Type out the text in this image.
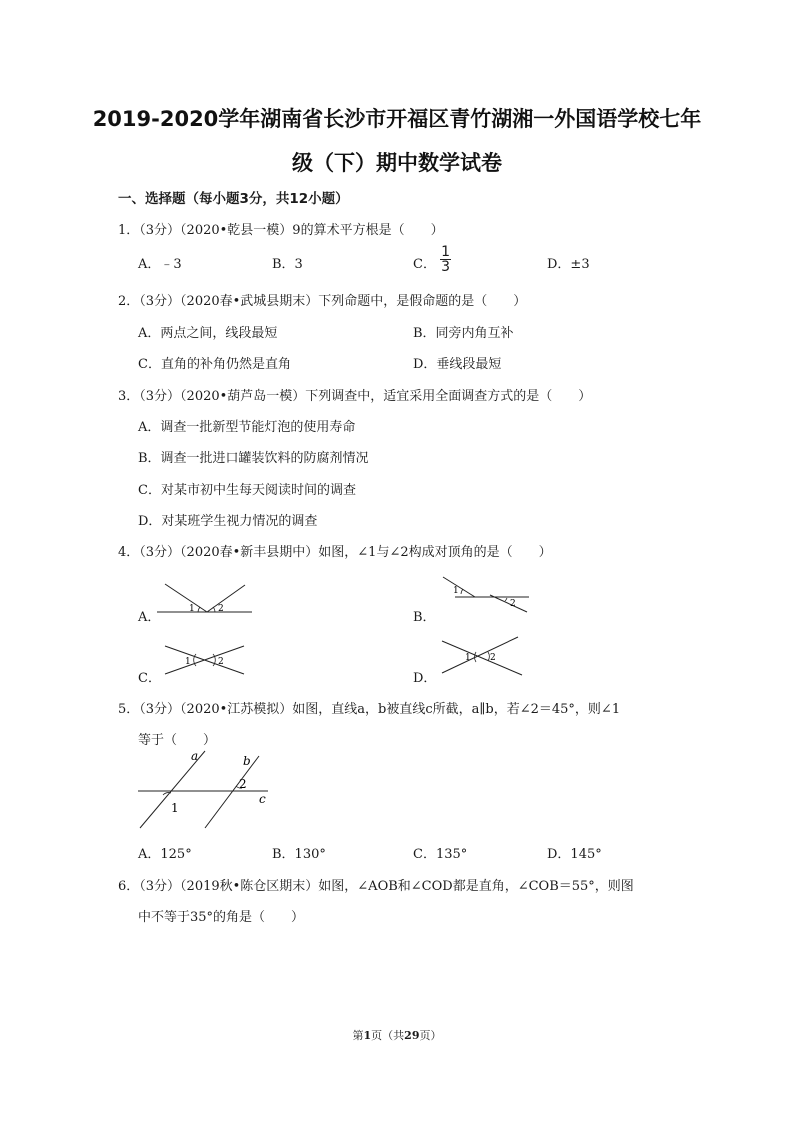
2019-2020学年湖南省长沙市开福区青竹湖湘一外国语学校七年
级（下）期中数学试卷
一、选择题（每小题3分，共12小题）
1．（3分）（2020•乾县一模）9的算术平方根是（　　）
A．﹣3	B．3	C． $\frac{1}{3}$	D．±3
2．（3分）（2020春•武城县期末）下列命题中，是假命题的是（　　）
A．两点之间，线段最短	B．同旁内角互补
C．直角的补角仍然是直角	D．垂线段最短
3．（3分）（2020•葫芦岛一模）下列调查中，适宜采用全面调查方式的是（　　）
A．调查一批新型节能灯泡的使用寿命
B．调查一批进口罐装饮料的防腐剂情况
C．对某市初中生每天阅读时间的调查
D．对某班学生视力情况的调查
4．（3分）（2020春•新丰县期中）如图，∠1与∠2构成对顶角的是（　　）
A．
1	2
B．
1
2
C．
1	2
D．
1 2
5．（3分）（2020•江苏模拟）如图，直线a，b被直线c所截，a∥b，若∠2＝45°，则∠1
等于（　　）
a	b
c
1
2
A．125°	B．130°	C．135°	D．145°
6．（3分）（2019秋•陈仓区期末）如图，∠AOB和∠COD都是直角，∠COB＝55°，则图
中不等于35°的角是（　　）
第1页（共29页）
